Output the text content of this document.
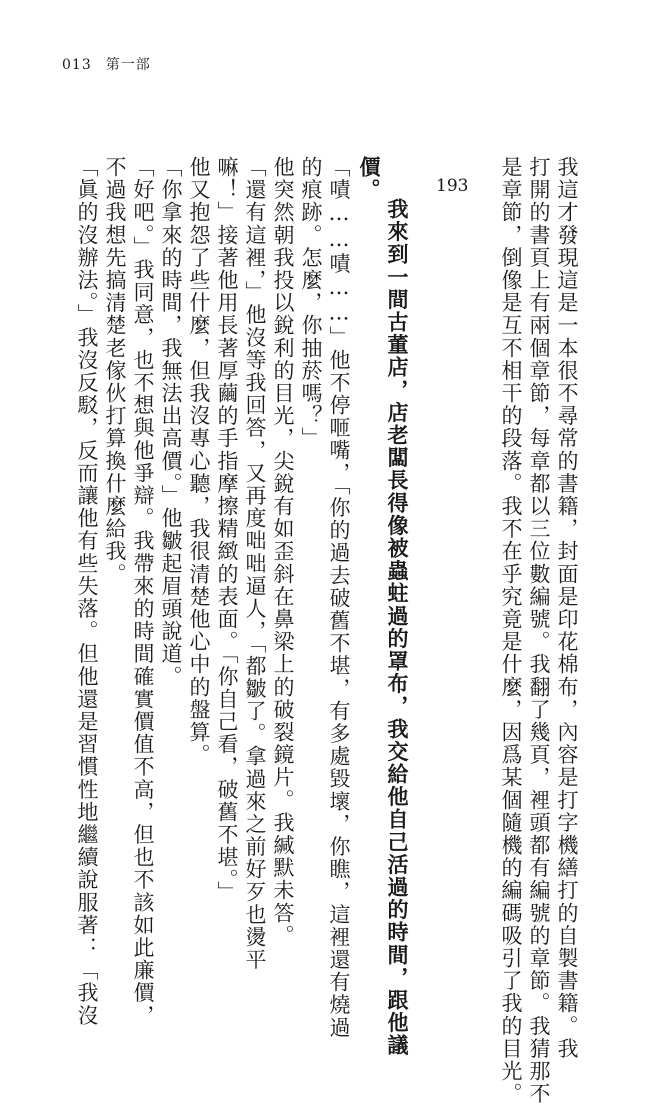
013 第一部
193	我這才發現這是一本很不尋常的書籍，封面是印花棉布，內容是打字機繕打的自製書籍。我
打開的書頁上有兩個章節，每章都以三位數編號。我翻了幾頁，裡頭都有編號的章節。我猜那不
是章節，倒像是互不相干的段落。我不在乎究竟是什麼，因爲某個隨機的編碼吸引了我的目光。
我來到一間古董店，店老闆長得像被蟲蛀過的罩布，我交給他自己活過的時間，跟他議
價。
「嘖……嘖……」他不停咂嘴，「你的過去破舊不堪，有多處毀壞，你瞧，這裡還有燒過
的痕跡。怎麼，你抽菸嗎？」
他突然朝我投以銳利的目光，尖銳有如歪斜在鼻梁上的破裂鏡片。我緘默未答。
「還有這裡，」他沒等我回答，又再度咄咄逼人，「都皺了。拿過來之前好歹也燙平
嘛！」接著他用長著厚繭的手指摩擦精緻的表面。「你自己看，破舊不堪。」
他又抱怨了些什麼，但我沒專心聽，我很清楚他心中的盤算。
「你拿來的時間，我無法出高價。」他皺起眉頭說道。
「好吧。」我同意，也不想與他爭辯。我帶來的時間確實價值不高，但也不該如此廉價，
不過我想先搞清楚老傢伙打算換什麼給我。
「眞的沒辦法。」我沒反駁，反而讓他有些失落。但他還是習慣性地繼續說服著：「我沒
